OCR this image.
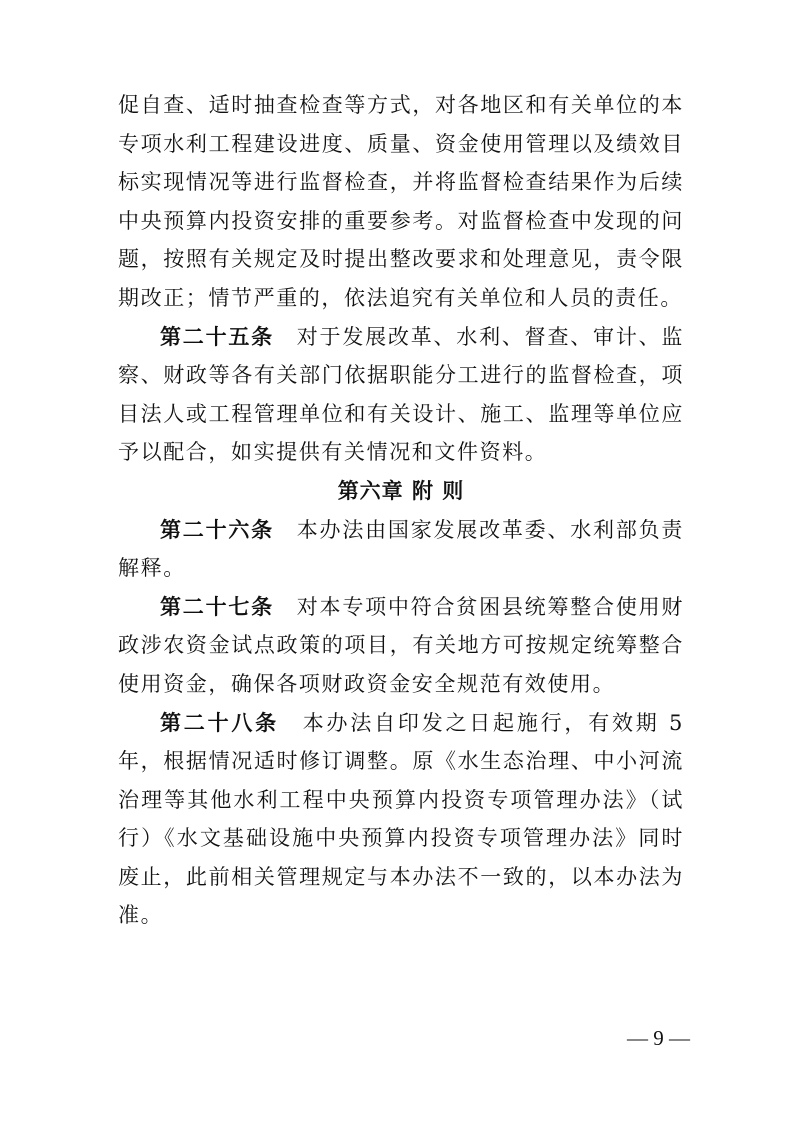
促自查、适时抽查检查等方式，对各地区和有关单位的本专项水利工程建设进度、质量、资金使用管理以及绩效目标实现情况等进行监督检查，并将监督检查结果作为后续中央预算内投资安排的重要参考。对监督检查中发现的问题，按照有关规定及时提出整改要求和处理意见，责令限期改正；情节严重的，依法追究有关单位和人员的责任。

第二十五条　 对于发展改革、水利、督查、审计、监察、财政等各有关部门依据职能分工进行的监督检查，项目法人或工程管理单位和有关设计、施工、监理等单位应予以配合，如实提供有关情况和文件资料。

第六章 附 则

第二十六条　 本办法由国家发展改革委、水利部负责解释。

第二十七条　 对本专项中符合贫困县统筹整合使用财政涉农资金试点政策的项目，有关地方可按规定统筹整合使用资金，确保各项财政资金安全规范有效使用。

第二十八条　 本办法自印发之日起施行，有效期 5 年，根据情况适时修订调整。原《水生态治理、中小河流治理等其他水利工程中央预算内投资专项管理办法》（试行）《水文基础设施中央预算内投资专项管理办法》同时废止，此前相关管理规定与本办法不一致的，以本办法为准。

— 9 —
